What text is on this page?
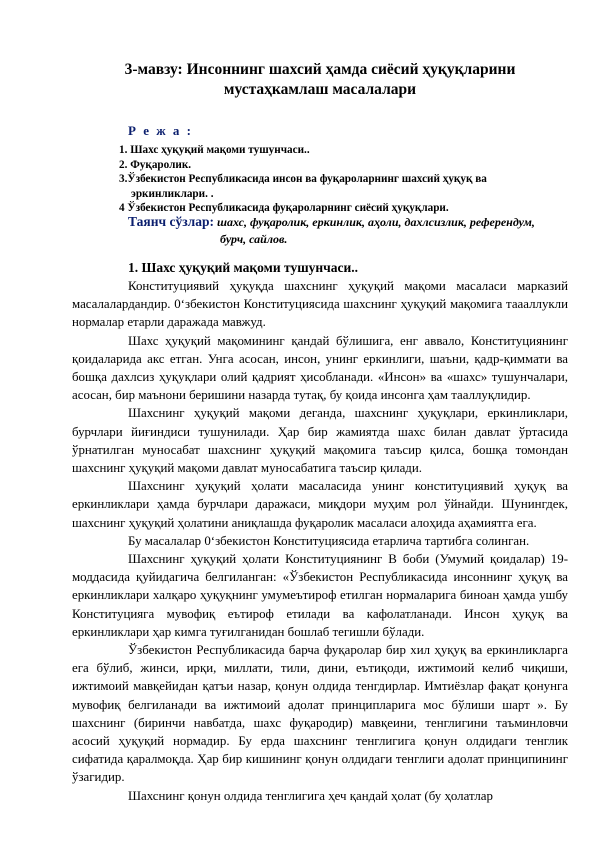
3-мавзу: Инсоннинг шахсий ҳамда сиёсий ҳуқуқларини
мустаҳкамлаш масалалари
Р е ж а :
1. Шахс ҳуқуқий мақоми тушунчаси..
2. Фуқаролик.
3.Ўзбекистон Республикасида инсон ва фуқароларнинг шахсий ҳуқуқ ва
эркинликлари. .
4 Ўзбекистон Республикасида фуқароларнинг сиёсий ҳуқуқлари.
Таянч сўзлар: шахс, фуқаролик, еркинлик, аҳоли, дахлсизлик, референдум,
бурч, сайлов.
1. Шахс ҳуқуқий мақоми тушунчаси..

Конституциявий ҳуқуқда шахснинг ҳуқуқий мақоми масаласи марказий масалалардандир. 0‘збекистон Конституциясида шахснинг ҳуқуқий мақомига таааллукли нормалар етарли даражада мавжуд.

Шахс ҳуқуқий мақомининг қандай бўлишига, енг аввало, Конституциянинг қоидаларида акс етган. Унга асосан, инсон, унинг еркинлиги, шаъни, қадр-қиммати ва бошқа дахлсиз ҳуқуқлари олий қадрият ҳисобланади. «Инсон» ва «шахс» тушунчалари, асосан, бир маънони беришини назарда тутақ, бу қоида инсонга ҳам тааллуқлидир.

Шахснинг ҳуқуқий мақоми деганда, шахснинг ҳуқуқлари, еркинликлари, бурчлари йиғиндиси тушунилади. Ҳар бир жамиятда шахс билан давлат ўртасида ўрнатилган муносабат шахснинг ҳуқуқий мақомига таъсир қилса, бошқа томондан шахснинг ҳуқуқий мақоми давлат муносабатига таъсир қилади.

Шахснинг ҳуқуқий ҳолати масаласида унинг конституциявий ҳуқуқ ва еркинликлари ҳамда бурчлари даражаси, миқдори муҳим рол ўйнайди. Шунингдек, шахснинг ҳуқуқий ҳолатини аниқлашда фуқаролик масаласи алоҳида аҳамиятга ега.

Бу масалалар 0‘збекистон Конституциясида етарлича тартибга солинган.

Шахснинг ҳуқуқий ҳолати Конституциянинг В боби (Умумий қоидалар) 19-моддасида қуйидагича белгиланган: «Ўзбекистон Республикасида инсоннинг ҳуқуқ ва еркинликлари халқаро ҳуқуқнинг умумеътироф етилган нормаларига биноан ҳамда ушбу Конституцияга мувофиқ еътироф етилади ва кафолатланади. Инсон ҳуқуқ ва еркинликлари ҳар кимга туғилганидан бошлаб тегишли бўлади.

Ўзбекистон Республикасида барча фуқаролар бир хил ҳуқуқ ва еркинликларга ега бўлиб, жинси, ирқи, миллати, тили, дини, еътиқоди, ижтимоий келиб чиқиши, ижтимоий мавқейидан қатъи назар, қонун олдида тенгдирлар. Имтиёзлар фақат қонунга мувофиқ белгиланади ва ижтимоий адолат принципларига мос бўлиши шарт ». Бу шахснинг (биринчи навбатда, шахс фуқародир) мавқеини, тенглигини таъминловчи асосий ҳуқуқий нормадир. Бу ерда шахснинг тенглигига қонун олдидаги тенглик сифатида қаралмоқда. Ҳар бир кишининг қонун олдидаги тенглиги адолат принципининг ўзагидир.

Шахснинг қонун олдида тенглигига ҳеч қандай ҳолат (бу ҳолатлар
